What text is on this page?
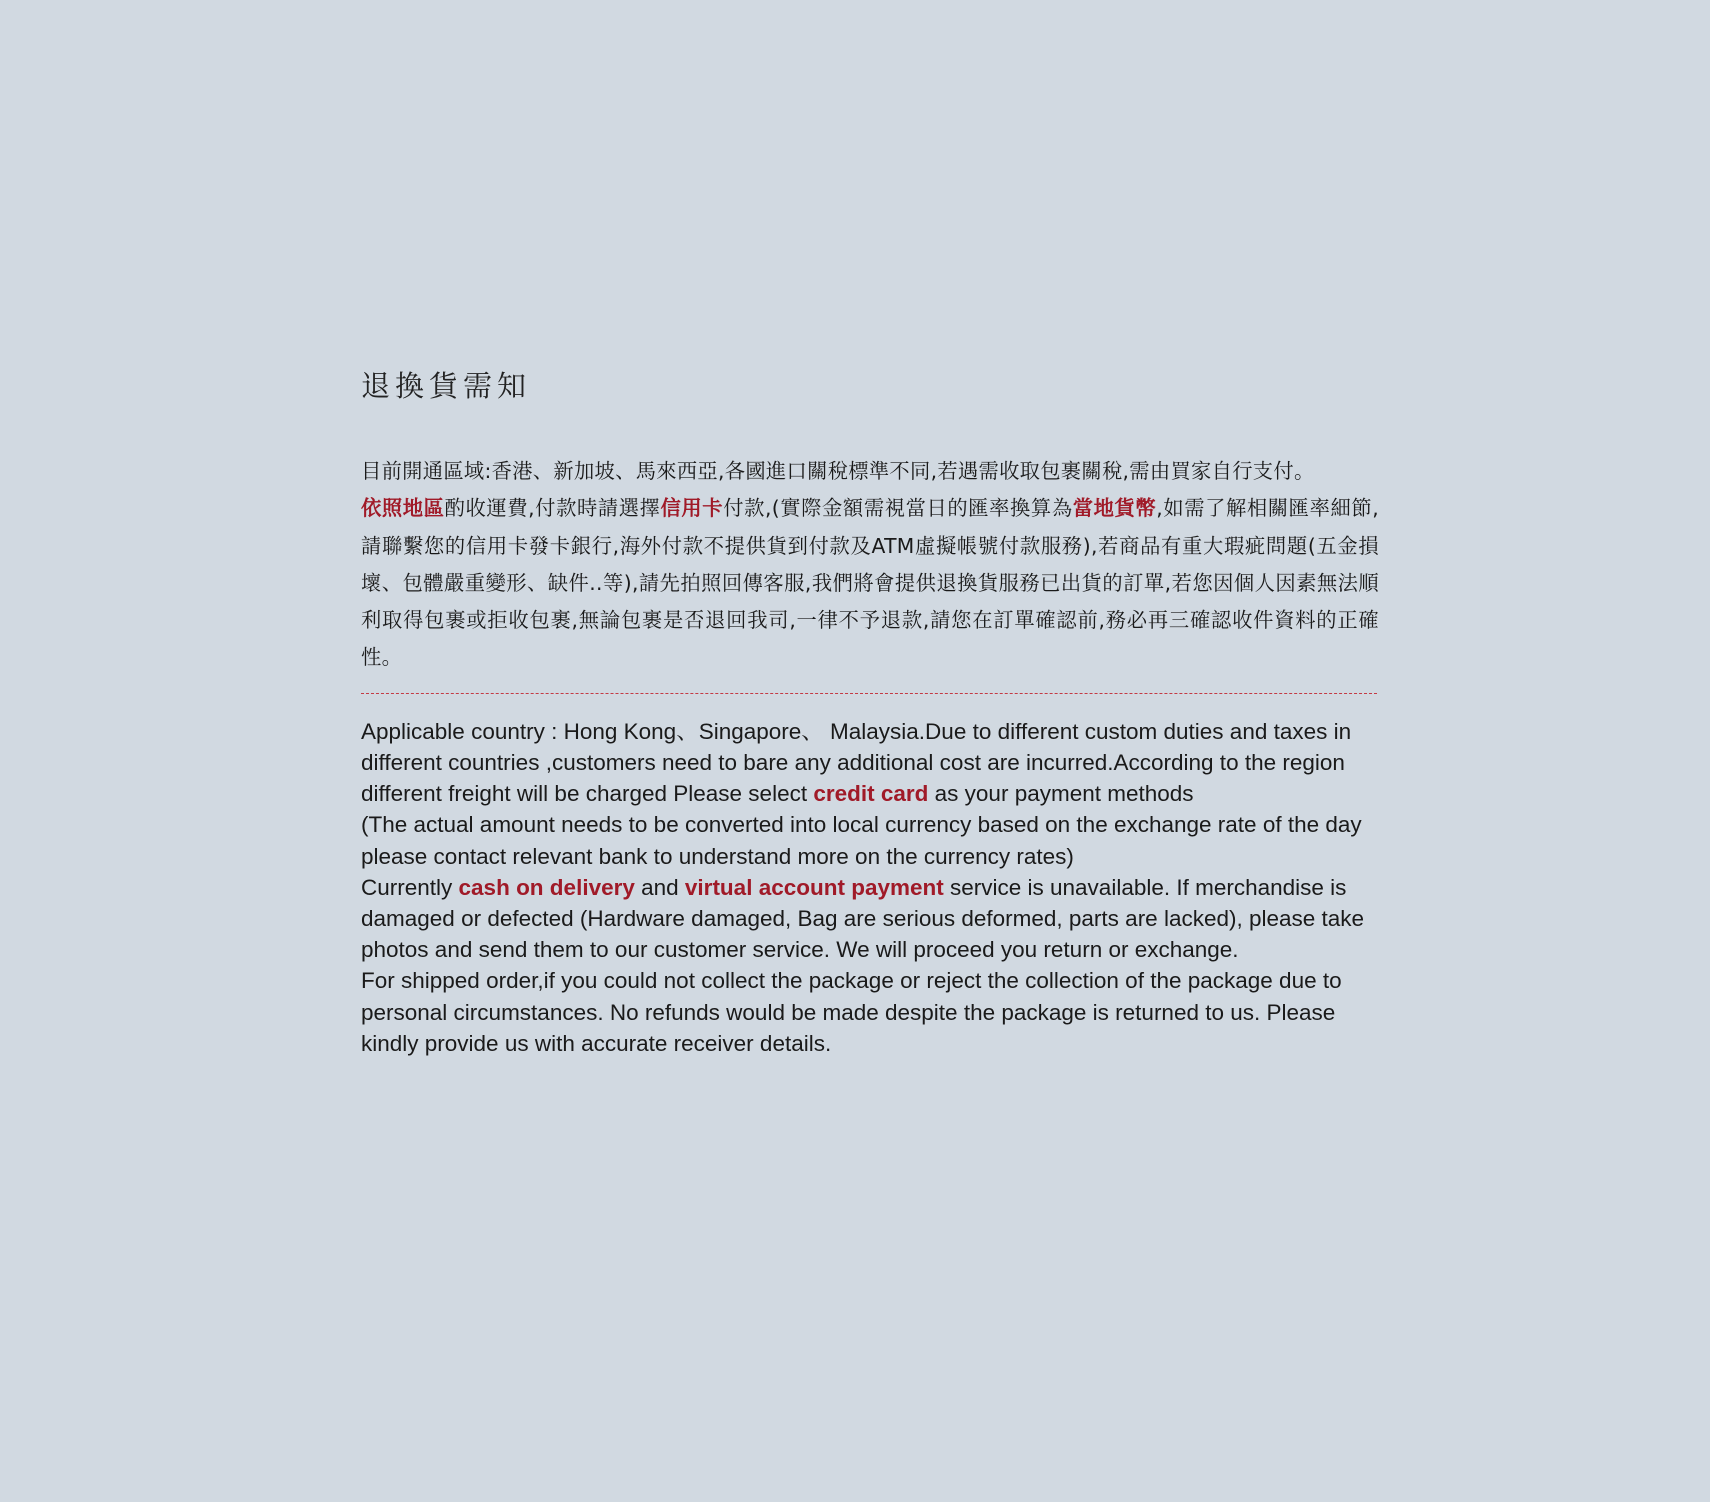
退換貨需知
目前開通區域:香港、新加坡、馬來西亞,各國進口關稅標準不同,若遇需收取包裹關稅,需由買家自行支付。
依照地區酌收運費,付款時請選擇信用卡付款,(實際金額需視當日的匯率換算為當地貨幣,如需了解相關匯率細節,請聯繫您的信用卡發卡銀行,海外付款不提供貨到付款及ATM虛擬帳號付款服務),若商品有重大瑕疵問題(五金損壞、包體嚴重變形、缺件..等),請先拍照回傳客服,我們將會提供退換貨服務已出貨的訂單,若您因個人因素無法順利取得包裹或拒收包裹,無論包裹是否退回我司,一律不予退款,請您在訂單確認前,務必再三確認收件資料的正確性。
Applicable country : Hong Kong、Singapore、 Malaysia.Due to different custom duties and taxes in
different countries ,customers need to bare any additional cost are incurred.According to the region
different freight will be charged Please select credit card as your payment methods
(The actual amount needs to be converted into local currency based on the exchange rate of the day
please contact relevant bank to understand more on the currency rates)
Currently cash on delivery and virtual account payment service is unavailable. If merchandise is
damaged or defected (Hardware damaged, Bag are serious deformed, parts are lacked), please take
photos and send them to our customer service. We will proceed you return or exchange.
For shipped order,if you could not collect the package or reject the collection of the package due to
personal circumstances. No refunds would be made despite the package is returned to us. Please
kindly provide us with accurate receiver details.
